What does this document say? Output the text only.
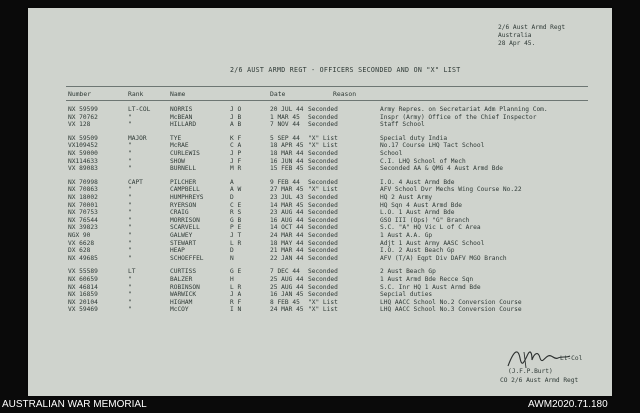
2/6 Aust Armd Regt
Australia
28 Apr 45.
2/6 AUST ARMD REGT - OFFICERS SECONDED AND ON "X" LIST
Number	Rank	Name	Date	Reason
NX 59599	LT-COL	NORRIS	J O	20 JUL 44 Seconded	Army Repres. on Secretariat Adm Planning Com.
NX 70762	"	McBEAN	J B	1 MAR 45 Seconded	Inspr (Army) Office of the Chief Inspector
VX 128	"	HILLARD	A B	7 NOV 44 Seconded	Staff School
NX 59509	MAJOR	TYE	K F	5 SEP 44 "X" List	Special duty India
VX109452	"	McRAE	C A	18 APR 45 "X" List	No.17 Course LHQ Tact School
NX 59000	"	CURLEWIS	J P	18 MAR 44 Seconded	School
NX114633	"	SHOW	J F	16 JUN 44 Seconded	C.I. LHQ School of Mech
VX 89083	"	BURNELL	M R	15 FEB 45 Seconded	Seconded AA & QMG 4 Aust Armd Bde
NX 70998	CAPT	PILCHER	A	9 FEB 44 Seconded	I.O. 4 Aust Armd Bde
NX 70863	"	CAMPBELL	A W	27 MAR 45 "X" List	AFV School Dvr Mechs Wing Course No.22
NX 18002	"	HUMPHREYS	D	23 JUL 43 Seconded	HQ 2 Aust Army
NX 70001	"	RYERSON	C E	14 MAR 45 Seconded	HQ Sqn 4 Aust Armd Bde
NX 70753	"	CRAIG	R S	23 AUG 44 Seconded	L.O. 1 Aust Armd Bde
NX 76544	"	MORRISON	G B	16 AUG 44 Seconded	GSO III (Ops) "G" Branch
NX 39823	"	SCARVELL	P E	14 OCT 44 Seconded	S.C. "A" HQ Vic L of C Area
NGX 90	"	GALWEY	J T	24 MAR 44 Seconded	1 Aust A.A. Gp
VX 6628	"	STEWART	L R	18 MAY 44 Seconded	Adjt 1 Aust Army AASC School
DX 628	"	HEAP	D	21 MAR 44 Seconded	I.O. 2 Aust Beach Gp
NX 49685	"	SCHOEFFEL	N	22 JAN 44 Seconded	AFV (T/A) Eqpt Div DAFV MGO Branch
VX 55589	LT	CURTISS	G E	7 DEC 44 Seconded	2 Aust Beach Gp
NX 60659	"	BALZER	H	25 AUG 44 Seconded	1 Aust Armd Bde Recce Sqn
NX 46814	"	ROBINSON	L R	25 AUG 44 Seconded	S.C. Inr HQ 1 Aust Armd Bde
NX 16859	"	WARWICK	J A	16 JAN 45 Seconded	Sepcial duties
NX 20104	"	HIGHAM	R F	8 FEB 45 "X" List	LHQ AACC School No.2 Conversion Course
VX 59469	"	McCOY	I N	24 MAR 45 "X" List	LHQ AACC School No.3 Conversion Course
Lt-Col
(J.F.P.Burt)
CO 2/6 Aust Armd Regt
AUSTRALIAN WAR MEMORIAL	AWM2020.71.180
